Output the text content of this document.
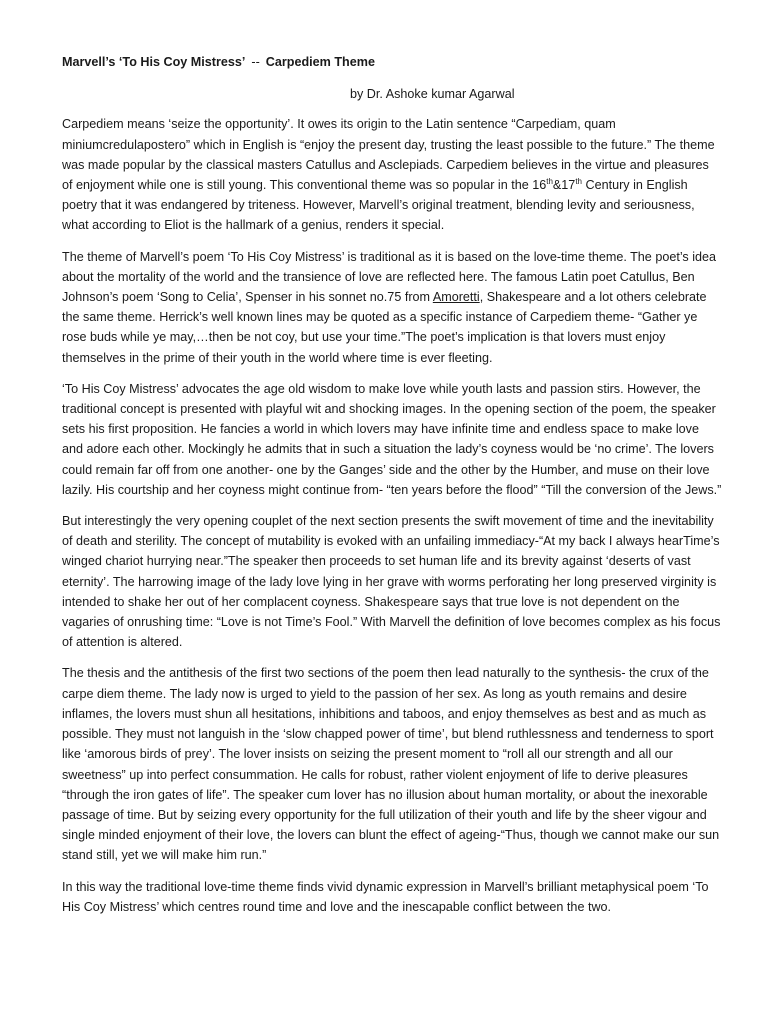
Marvell’s ‘To His Coy Mistress’ -- Carpediem Theme
by Dr. Ashoke kumar Agarwal

Carpediem means ‘seize the opportunity’. It owes its origin to the Latin sentence “Carpediam, quam miniumcredulapostero” which in English is “enjoy the present day, trusting the least possible to the future.” The theme was made popular by the classical masters Catullus and Asclepiads. Carpediem believes in the virtue and pleasures of enjoyment while one is still young. This conventional theme was so popular in the 16th&17th Century in English poetry that it was endangered by triteness. However, Marvell’s original treatment, blending levity and seriousness, what according to Eliot is the hallmark of a genius, renders it special.

The theme of Marvell’s poem ‘To His Coy Mistress’ is traditional as it is based on the love-time theme. The poet’s idea about the mortality of the world and the transience of love are reflected here. The famous Latin poet Catullus, Ben Johnson’s poem ‘Song to Celia’, Spenser in his sonnet no.75 from Amoretti, Shakespeare and a lot others celebrate the same theme. Herrick’s well known lines may be quoted as a specific instance of Carpediem theme- “Gather ye rose buds while ye may,…then be not coy, but use your time.”The poet’s implication is that lovers must enjoy themselves in the prime of their youth in the world where time is ever fleeting.

‘To His Coy Mistress’ advocates the age old wisdom to make love while youth lasts and passion stirs. However, the traditional concept is presented with playful wit and shocking images. In the opening section of the poem, the speaker sets his first proposition. He fancies a world in which lovers may have infinite time and endless space to make love and adore each other. Mockingly he admits that in such a situation the lady’s coyness would be ‘no crime’. The lovers could remain far off from one another- one by the Ganges’ side and the other by the Humber, and muse on their love lazily. His courtship and her coyness might continue from- “ten years before the flood” “Till the conversion of the Jews.”

But interestingly the very opening couplet of the next section presents the swift movement of time and the inevitability of death and sterility. The concept of mutability is evoked with an unfailing immediacy-“At my back I always hearTime’s winged chariot hurrying near.”The speaker then proceeds to set human life and its brevity against ‘deserts of vast eternity’. The harrowing image of the lady love lying in her grave with worms perforating her long preserved virginity is intended to shake her out of her complacent coyness. Shakespeare says that true love is not dependent on the vagaries of onrushing time: “Love is not Time’s Fool.” With Marvell the definition of love becomes complex as his focus of attention is altered.

The thesis and the antithesis of the first two sections of the poem then lead naturally to the synthesis- the crux of the carpe diem theme. The lady now is urged to yield to the passion of her sex. As long as youth remains and desire inflames, the lovers must shun all hesitations, inhibitions and taboos, and enjoy themselves as best and as much as possible. They must not languish in the ‘slow chapped power of time’, but blend ruthlessness and tenderness to sport like ‘amorous birds of prey’. The lover insists on seizing the present moment to “roll all our strength and all our sweetness” up into perfect consummation. He calls for robust, rather violent enjoyment of life to derive pleasures “through the iron gates of life”. The speaker cum lover has no illusion about human mortality, or about the inexorable passage of time. But by seizing every opportunity for the full utilization of their youth and life by the sheer vigour and single minded enjoyment of their love, the lovers can blunt the effect of ageing-“Thus, though we cannot make our sun stand still, yet we will make him run.”

In this way the traditional love-time theme finds vivid dynamic expression in Marvell’s brilliant metaphysical poem ‘To His Coy Mistress’ which centres round time and love and the inescapable conflict between the two.
